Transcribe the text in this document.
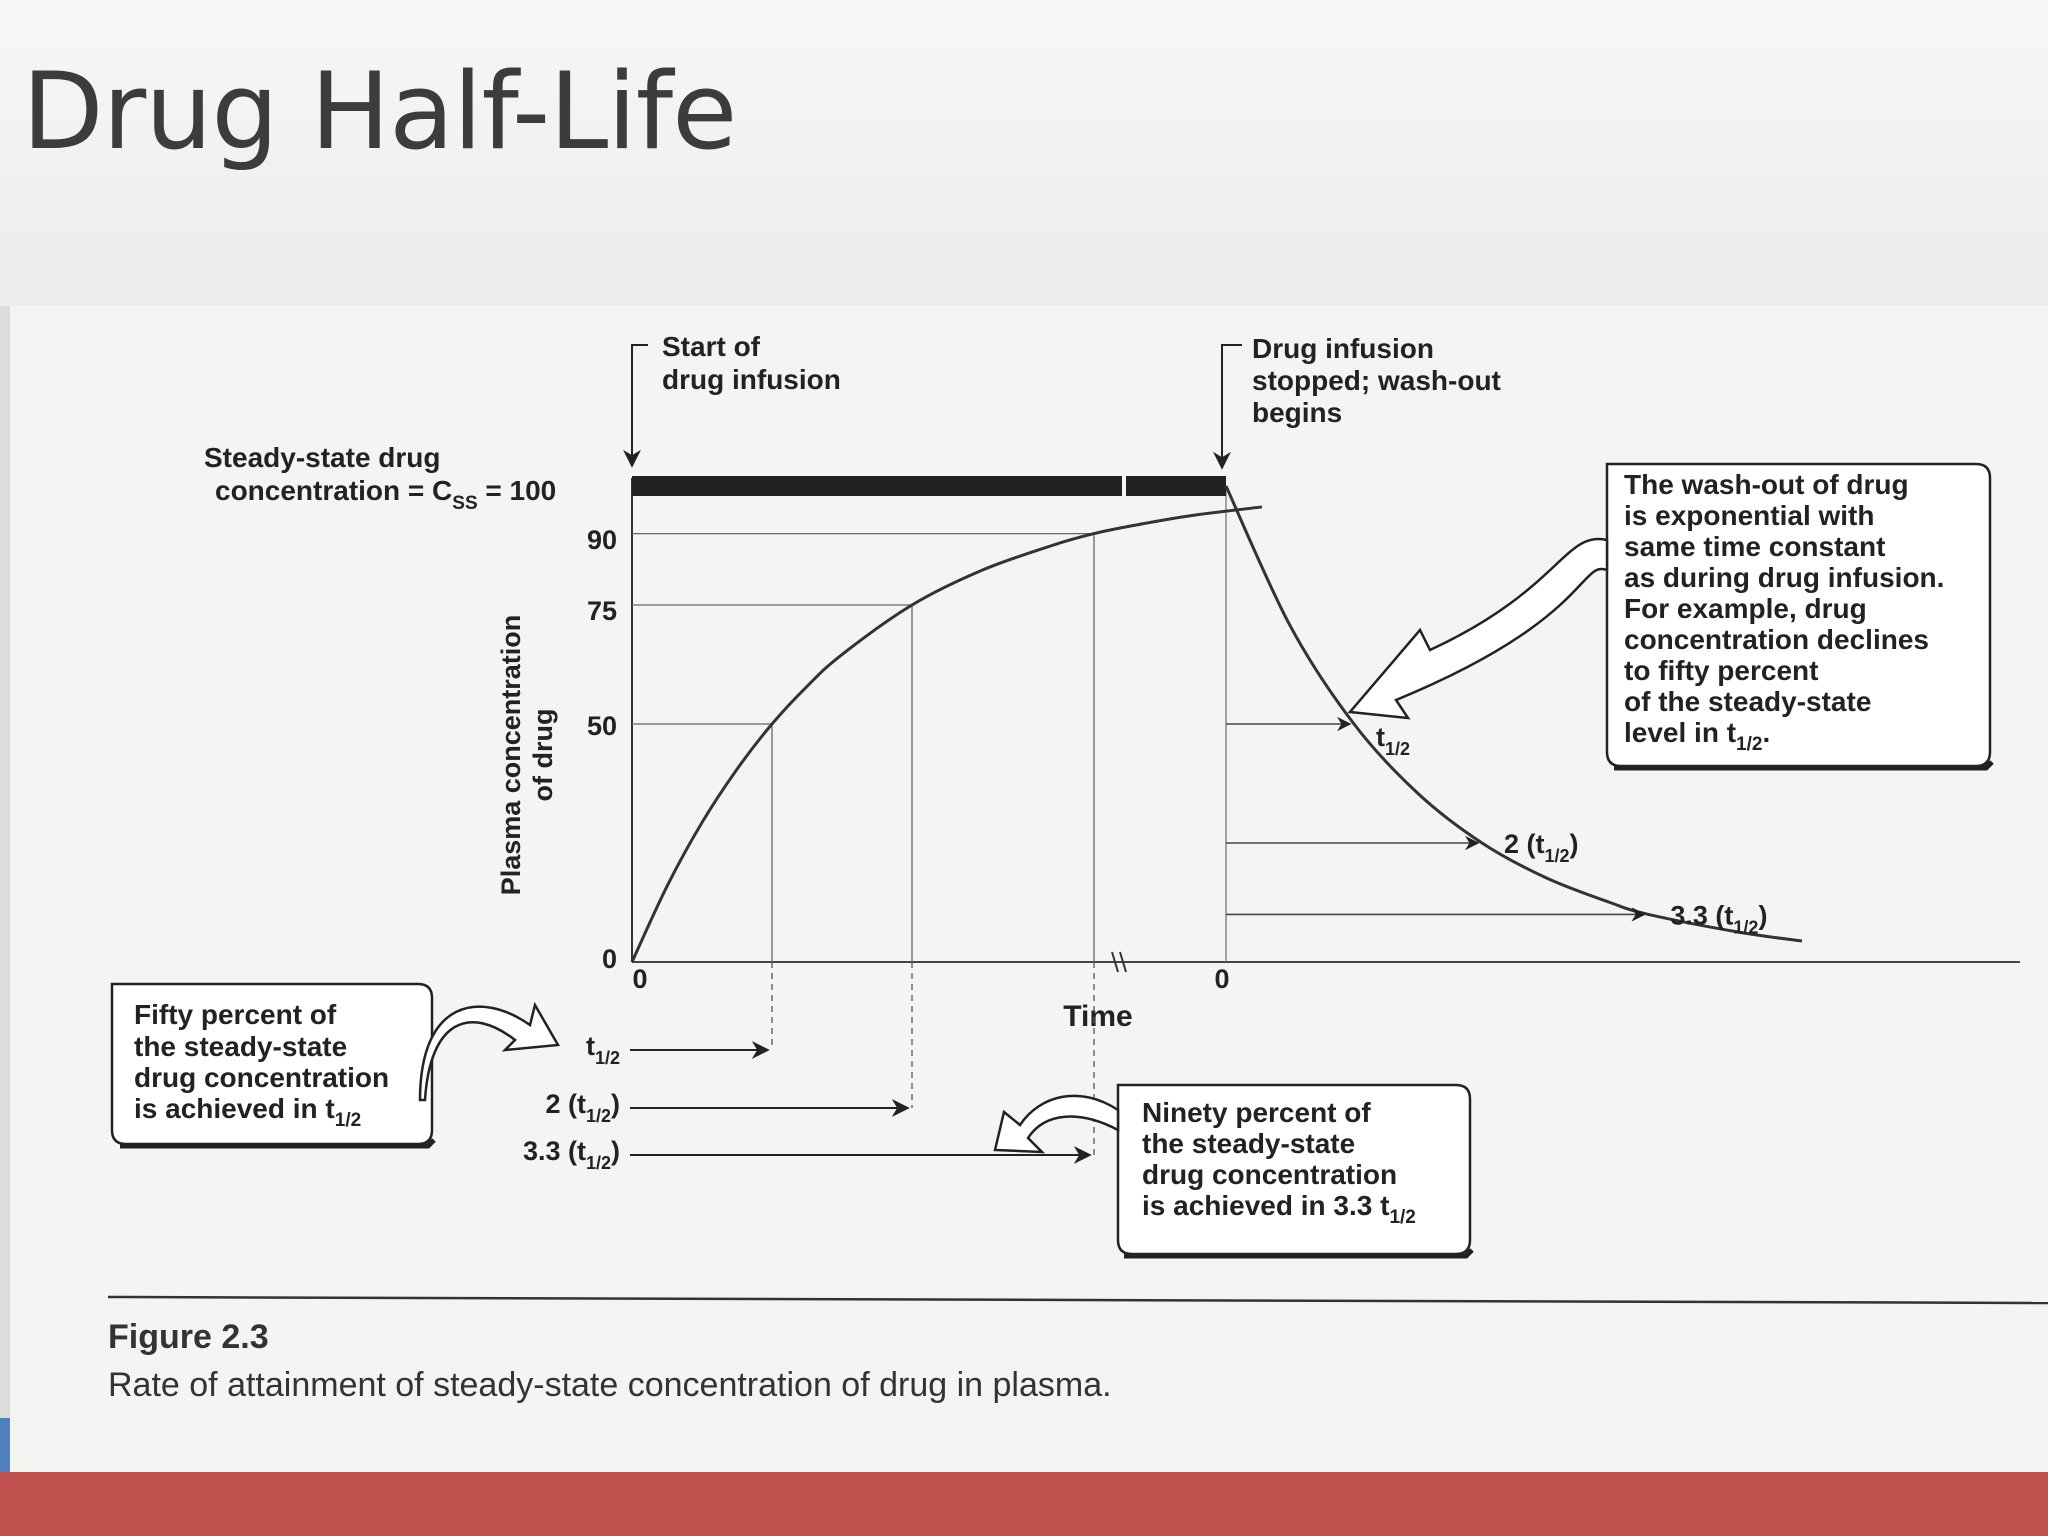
Drug Half-Life
Plasma concentration of drug
Steady-state drug
concentration = $C_{SS} = 100$
90
75
50
0
0	0
Time
Start of
drug infusion
Drug infusion
stopped; wash-out
begins
$t_{1/2}$
2 $(t_{1/2})$
3.3 $(t_{1/2})$
$t_{1/2}$
2 $(t_{1/2})$
3.3 $(t_{1/2})$
Fifty percent of
the steady-state
drug concentration
is achieved in $t_{1/2}$	Ninety percent of
the steady-state
drug concentration
is achieved in 3.3 $t_{1/2}$
The wash-out of drug
is exponential with
same time constant
as during drug infusion.
For example, drug
concentration declines
to fifty percent
of the steady-state
level in $t_{1/2}$.
Figure 2.3
Rate of attainment of steady-state concentration of drug in plasma.
